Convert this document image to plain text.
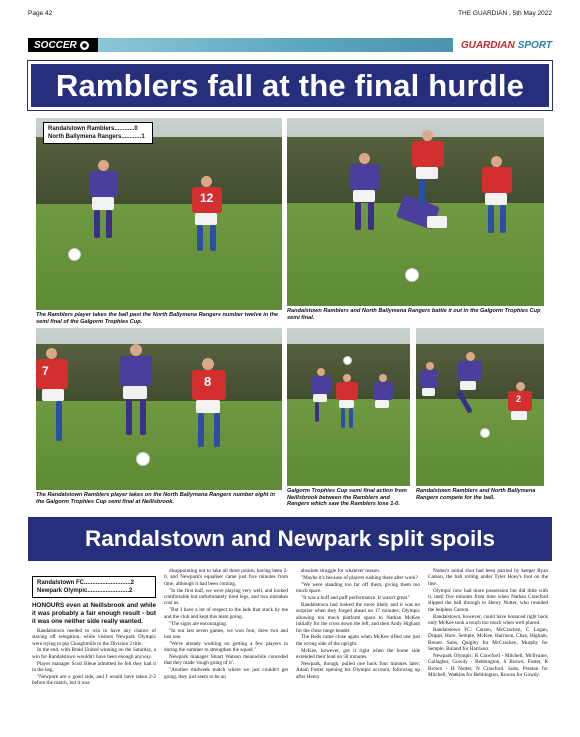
Page 42	THE GUARDIAN , 5th May 2022
SOCCER	GUARDIAN SPORT
Ramblers fall at the final hurdle
12
Randalstown Ramblers............0
North Ballymena Rangers............1
The Ramblers player takes the ball past the North Ballymena Rangers number twelve in the semi final of the Galgorm Trophies Cup.
Randalstown Ramblers and North Ballymena Rangers battle it out in the Galgorm Trophies Cup semi final.
7
8
The Randalstown Ramblers player takes on the North Ballymena Rangers number eight in the Galgorm Trophies Cup semi final at Neillsbrook.
Galgorm Trophies Cup semi final action from Neillsbrook between the Ramblers and Rangers which saw the Ramblers lose 1-0.
2
Randalstown Ramblers and North Ballymena Rangers compete for the ball.
Randalstown and Newpark split spoils
Randalstown FC............................2
Newpark Olympic.........................2
HONOURS even at Neillsbrook and while it was probably a fair enough result - but it was one neither side really wanted.

Randalstown needed to win to have any chance of staving off relegation, while visitors Newpark Olympic were trying to pip Cloughmills to the Division 2 title.

In the end, with Braid United winning on the Saturday, a win for Randalstown wouldn't have been enough anyway.

Player manager Scott Bleue admitted he felt they had it in the bag.

"Newpark are a good side, and I would have taken 2-2 before the match, but it was

disappointing not to take all three points, having been 2-0, and Newpark's equaliser came just five minutes from time, although it had been coming.

"In the first half, we were playing very well, and looked comfortable but unfortunately tired legs, and two mistakes cost us.

"But I have a lot of respect to the lads that stuck by me and the club and kept this team going.

"The signs are encouraging.

"In our last seven games, we won four, drew two and lost one.

"We're already working on getting a few players in during the summer to strengthen the squad."

Newpark manager Stuart Watson meanwhile conceded that they made 'rough going of it'.

"Another midweek match where we just couldn't get going, they just seem to be an

absolute struggle for whatever reason.

"Maybe it's because of players rushing there after work?

"We were standing too far off them, giving them too much space.

"It was a huff and puff performance. It wasn't great."

Randalstown had looked the more likely and it was no surprise when they forged ahead on 17 minutes; Olympic allowing too much platform space to Nathan McKee initially for the cross down the left, and then Andy Higham for the close range header.

The Reds came close again when McKee rifled one just the wrong side of the upright.

McKee, however, got it right when the home side extended their lead on 58 minutes.

Newpark, though, pulled one back four minutes later; Adam Foster opening his Olympic account, following up after Henry

Nutter's initial shot had been parried by keeper Ryan Carson, the ball rolling under Tyler Hoey's foot on the line.

Olympic now had more possession but did little with it, until five minutes from time when Nathan Crawford slipped the ball through to Henry Nutter, who rounded the helpless Carson.

Randalstown, however, could have bounced right back only McKee took a touch too much when well placed.

Randalstown FC: Carson, McCracken, C Logan, Dripps, Hore, Semple, McKee, Harrison, Chan, Higham, Breuer. Subs, Quigley for McCracken, Murphy for Semple, Boland for Harrison.

Newpark Olympic: R Crawford - Mitchell, McIlvaine, Gallagher, Gowdy - Bebbington, S Brown, Foster, R Brown - H Nutter, N Crawford. Subs, Preston for Mitchell, Watkins for Bebbington, Rowan for Gowdy.
